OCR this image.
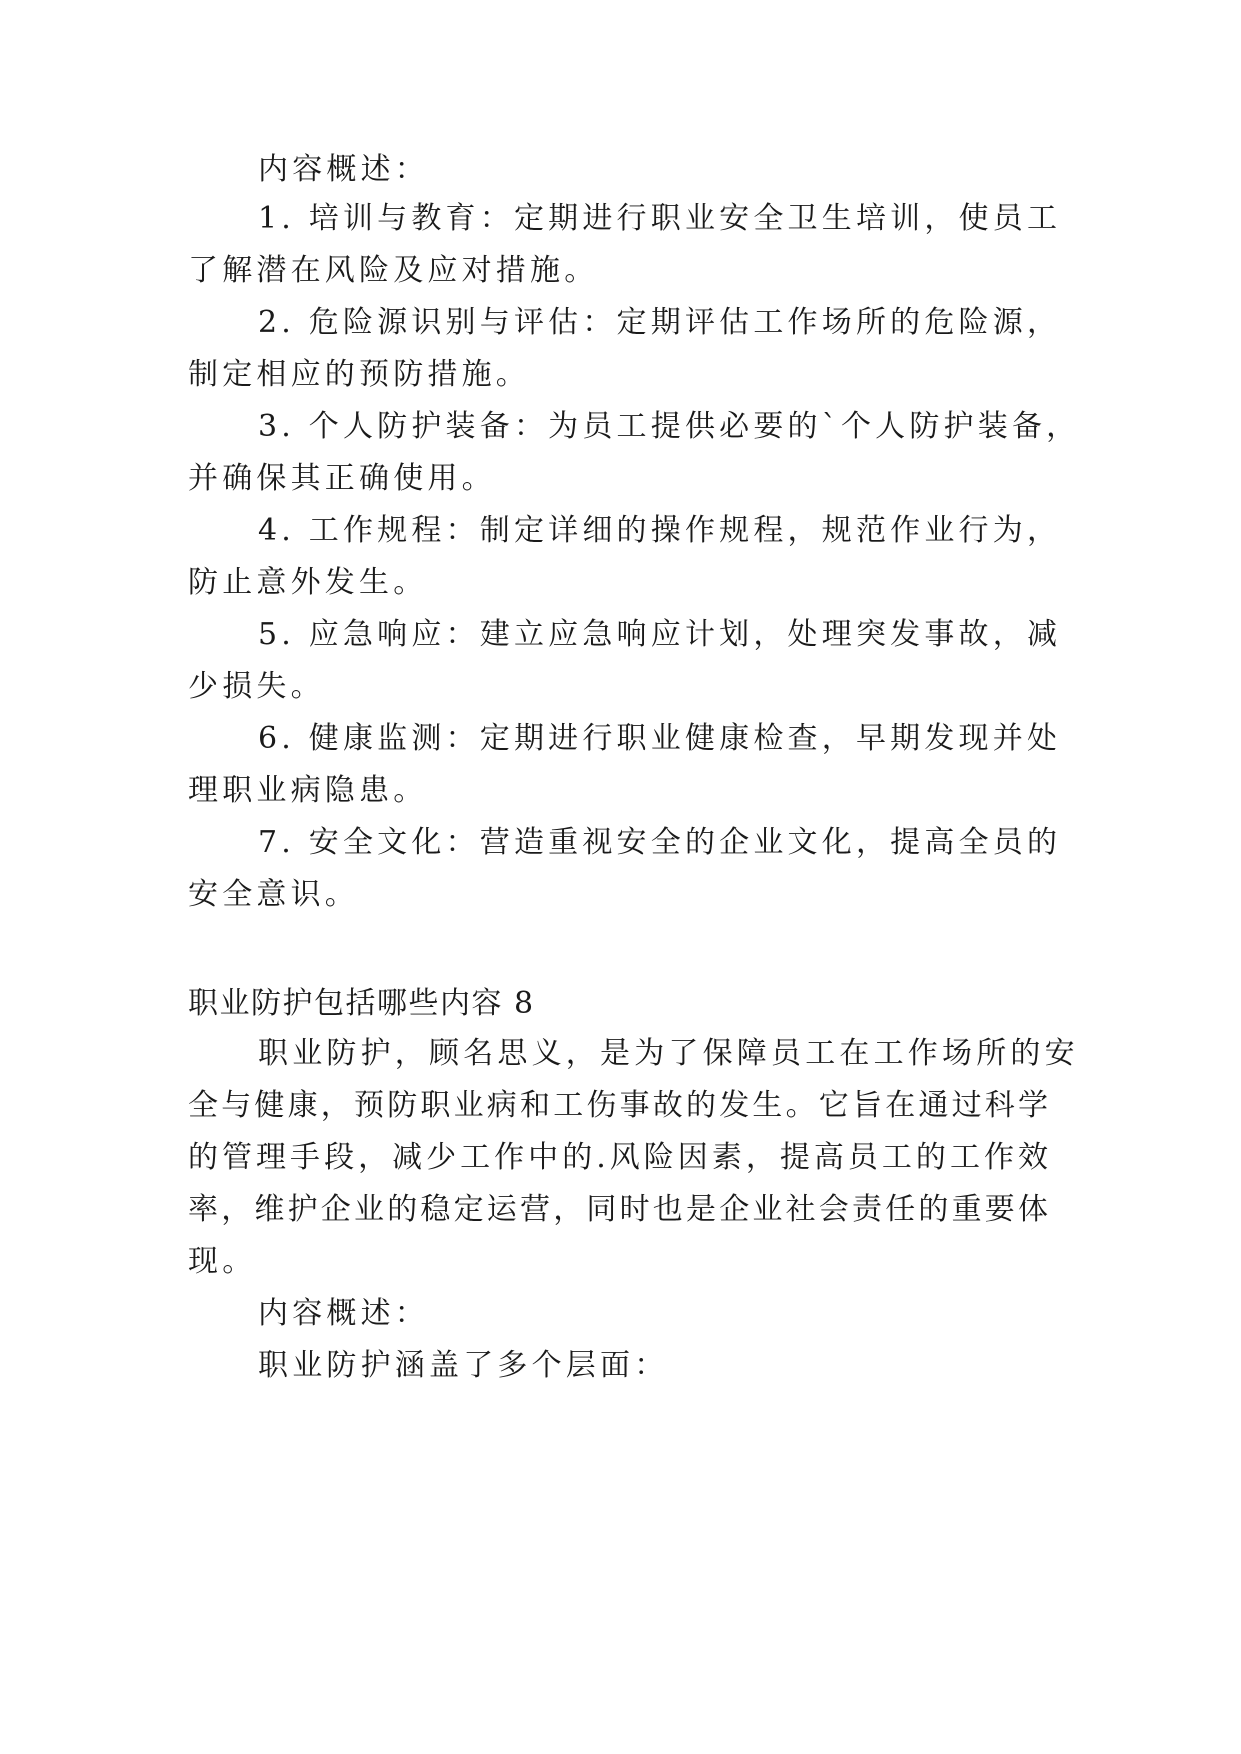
内容概述：
1. 培训与教育：定期进行职业安全卫生培训，使员工
了解潜在风险及应对措施。
2. 危险源识别与评估：定期评估工作场所的危险源，
制定相应的预防措施。
3. 个人防护装备：为员工提供必要的`个人防护装备，
并确保其正确使用。
4. 工作规程：制定详细的操作规程，规范作业行为，
防止意外发生。
5. 应急响应：建立应急响应计划，处理突发事故，减
少损失。
6. 健康监测：定期进行职业健康检查，早期发现并处
理职业病隐患。
7. 安全文化：营造重视安全的企业文化，提高全员的
安全意识。
职业防护包括哪些内容 8
职业防护，顾名思义，是为了保障员工在工作场所的安
全与健康，预防职业病和工伤事故的发生。它旨在通过科学
的管理手段，减少工作中的.风险因素，提高员工的工作效
率，维护企业的稳定运营，同时也是企业社会责任的重要体
现。
内容概述：
职业防护涵盖了多个层面：
